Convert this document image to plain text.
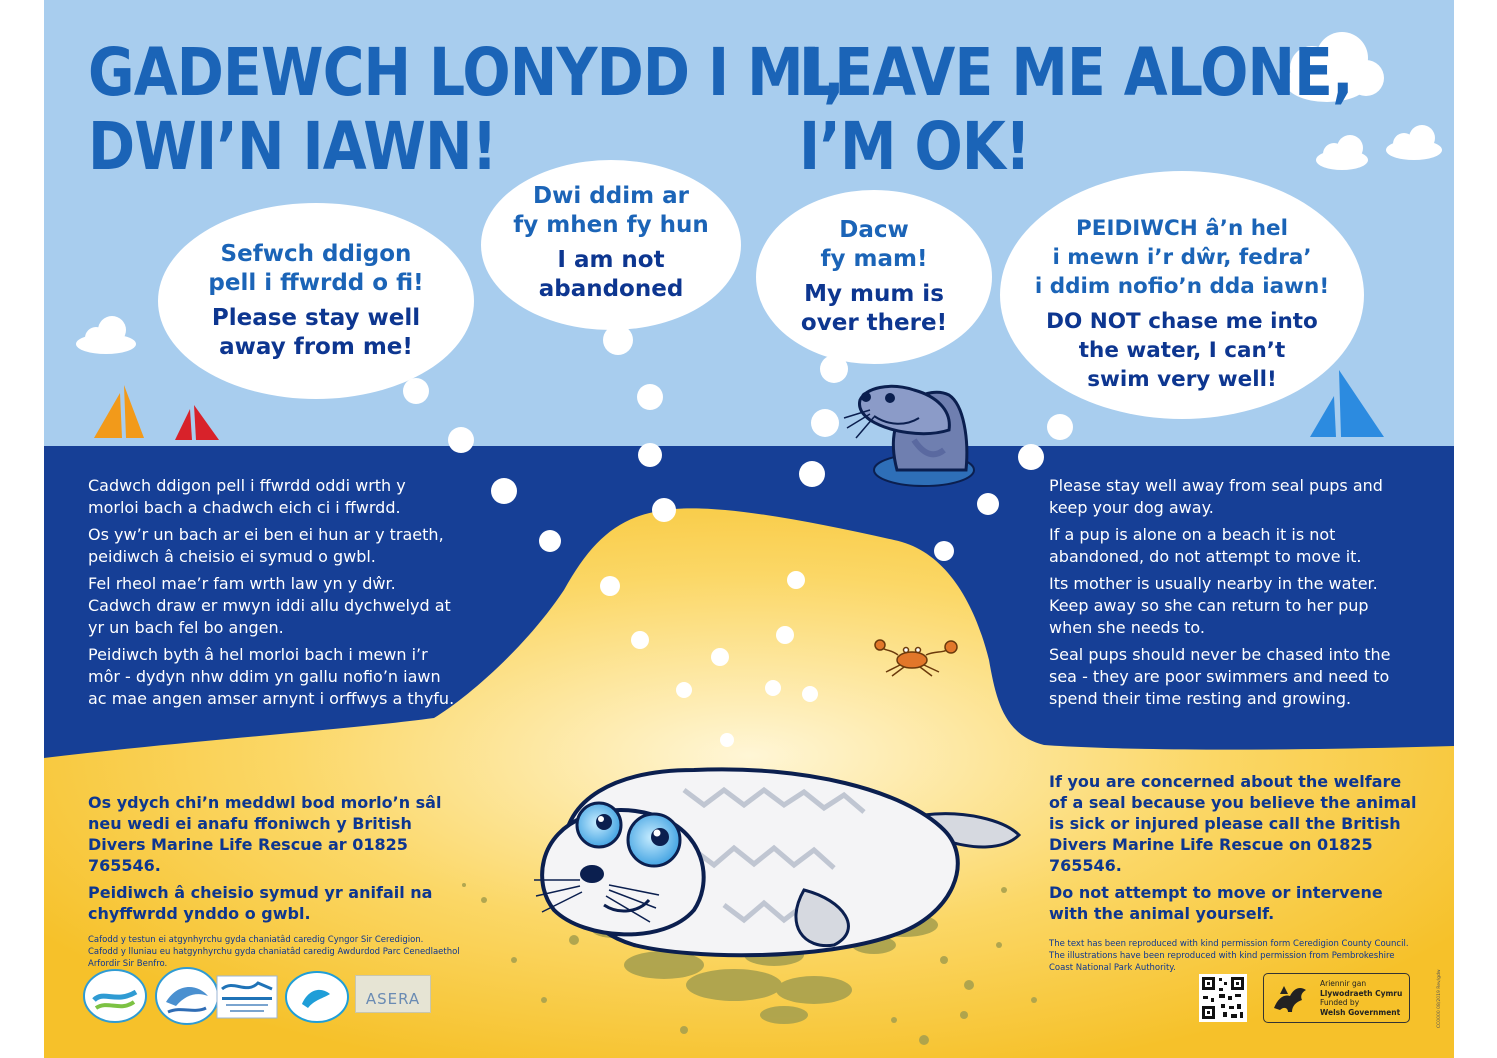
GADEWCH LONYDD I MI,
DWI’N IAWN!
LEAVE ME ALONE,
I’M OK!
Sefwch ddigon
pell i ffwrdd o fi!
Please stay well
away from me!
Dwi ddim ar
fy mhen fy hun
I am not
abandoned
Dacw
fy mam!
My mum is
over there!
PEIDIWCH â’n hel
i mewn i’r dŵr, fedra’
i ddim nofio’n dda iawn!
DO NOT chase me into
the water, I can’t
swim very well!

Cadwch ddigon pell i ffwrdd oddi wrth y morloi bach a chadwch eich ci i ffwrdd.

Os yw’r un bach ar ei ben ei hun ar y traeth, peidiwch â cheisio ei symud o gwbl.

Fel rheol mae’r fam wrth law yn y dŵr. Cadwch draw er mwyn iddi allu dychwelyd at yr un bach fel bo angen.

Peidiwch byth â hel morloi bach i mewn i’r môr - dydyn nhw ddim yn gallu nofio’n iawn ac mae angen amser arnynt i orffwys a thyfu.

Please stay well away from seal pups and keep your dog away.

If a pup is alone on a beach it is not abandoned, do not attempt to move it.

Its mother is usually nearby in the water. Keep away so she can return to her pup when she needs to.

Seal pups should never be chased into the sea - they are poor swimmers and need to spend their time resting and growing.

Os ydych chi’n meddwl bod morlo’n sâl neu wedi ei anafu ffoniwch y British Divers Marine Life Rescue ar 01825 765546.

Peidiwch â cheisio symud yr anifail na chyffwrdd ynddo o gwbl.

Cafodd y testun ei atgynhyrchu gyda chaniatâd caredig Cyngor Sir Ceredigion.

Cafodd y lluniau eu hatgynhyrchu gyda chaniatâd caredig Awdurdod Parc Cenedlaethol Arfordir Sir Benfro.

If you are concerned about the welfare of a seal because you believe the animal is sick or injured please call the British Divers Marine Life Rescue on 01825 765546.

Do not attempt to move or intervene with the animal yourself.

The text has been reproduced with kind permission form Ceredigion County Council.

The illustrations have been reproduced with kind permission from Pembrokeshire Coast National Park Authority.

ASERA
Ariennir gan
Llywodraeth Cymru
Funded by
Welsh Government	CC0000 08/2019 Rev/gdw
